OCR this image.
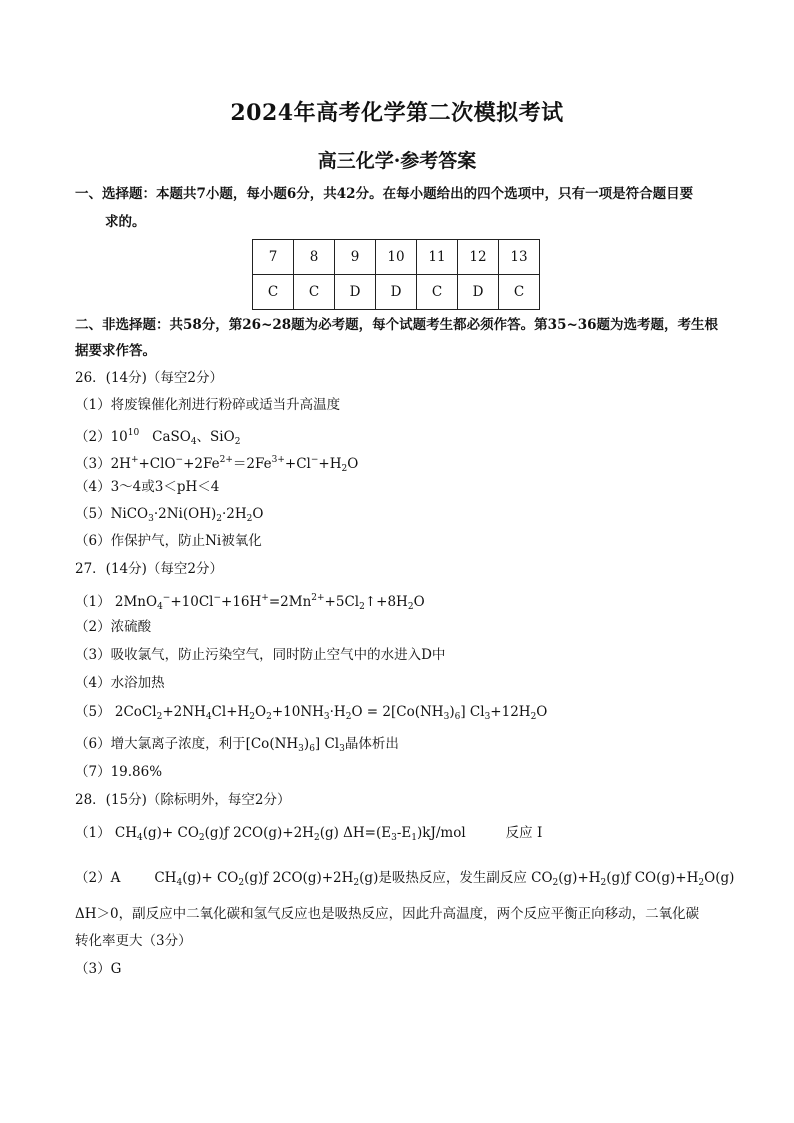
2024年高考化学第二次模拟考试
高三化学·参考答案
一、选择题：本题共7小题，每小题6分，共42分。在每小题给出的四个选项中，只有一项是符合题目要
求的。
7	8	9	10	11	12	13
C	C	D	D	C	D	C
二、非选择题：共58分，第26~28题为必考题，每个试题考生都必须作答。第35~36题为选考题，考生根
据要求作答。
26．(14分)（每空2分）
（1）将废镍催化剂进行粉碎或适当升高温度
$(2)10^{10}$ CaSO$_4$、SiO$_2$
$(3)2H^++ClO^-+2Fe^{2+}=2Fe^{3+}+Cl^-+H_2O$
（4）3～4或3＜pH＜4
$(5)NiCO_3\cdot 2Ni(OH)_2\cdot 2H_2O$
（6）作保护气，防止Ni被氧化
27．(14分)（每空2分）
（1） $2MnO_4^-+10Cl^-+16H^+=2Mn^{2+}+5Cl_2↑+8H_2O$
（2）浓硫酸
（3）吸收氯气，防止污染空气，同时防止空气中的水进入D中
（4）水浴加热
（5） $2CoCl_2+2NH_4Cl+H_2O_2+10NH_3\cdot H_2O = 2[Co(NH_3)_6]$ $Cl_3+12H_2O$
（6）增大氯离子浓度，利于$[Co(NH_3)_6]$ $Cl_3$晶体析出
（7）19.86%
28．(15分)（除标明外，每空2分）
（1） $CH_4(g)+$ $CO_2(g)ƒ$ $2CO(g)+2H_2(g)$ $\Delta H=(E_3-E_1)kJ$/mol	反应 I
（2）A	$CH_4(g)+$ $CO_2(g)ƒ$ $2CO(g)+2H_2(g)$是吸热反应，发生副反应 $CO_2(g)+H_2(g)ƒ$ $CO(g)+H_2O(g)$
ΔH＞0，副反应中二氧化碳和氢气反应也是吸热反应，因此升高温度，两个反应平衡正向移动，二氧化碳
转化率更大（3分）
（3）G
